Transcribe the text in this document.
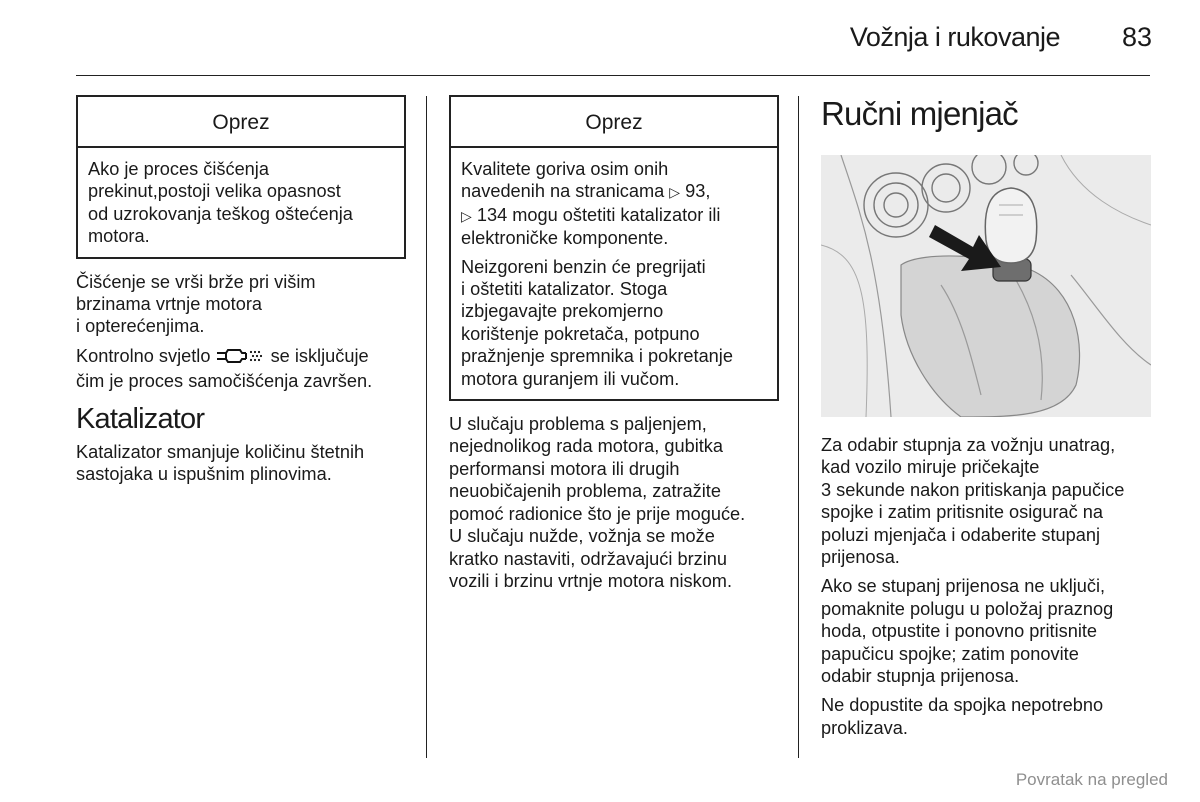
Vožnja i rukovanje	83
Oprez

Ako je proces čišćenja
prekinut,postoji velika opasnost
od uzrokovanja teškog oštećenja
motora.

Čišćenje se vrši brže pri višim
brzinama vrtnje motora
i opterećenjima.

Kontrolno svjetlo	se isključuje
čim je proces samočišćenja završen.

Katalizator

Katalizator smanjuje količinu štetnih
sastojaka u ispušnim plinovima.

Oprez

Kvalitete goriva osim onih
navedenih na stranicama ▷ 93,
▷ 134 mogu oštetiti katalizator ili
elektroničke komponente.

Neizgoreni benzin će pregrijati
i oštetiti katalizator. Stoga
izbjegavajte prekomjerno
korištenje pokretača, potpuno
pražnjenje spremnika i pokretanje
motora guranjem ili vučom.

U slučaju problema s paljenjem,
nejednolikog rada motora, gubitka
performansi motora ili drugih
neuobičajenih problema, zatražite
pomoć radionice što je prije moguće.
U slučaju nužde, vožnja se može
kratko nastaviti, održavajući brzinu
vozili i brzinu vrtnje motora niskom.

Ručni mjenjač

Za odabir stupnja za vožnju unatrag,
kad vozilo miruje pričekajte
3 sekunde nakon pritiskanja papučice
spojke i zatim pritisnite osigurač na
poluzi mjenjača i odaberite stupanj
prijenosa.

Ako se stupanj prijenosa ne uključi,
pomaknite polugu u položaj praznog
hoda, otpustite i ponovno pritisnite
papučicu spojke; zatim ponovite
odabir stupnja prijenosa.

Ne dopustite da spojka nepotrebno
proklizava.

Povratak na pregled
